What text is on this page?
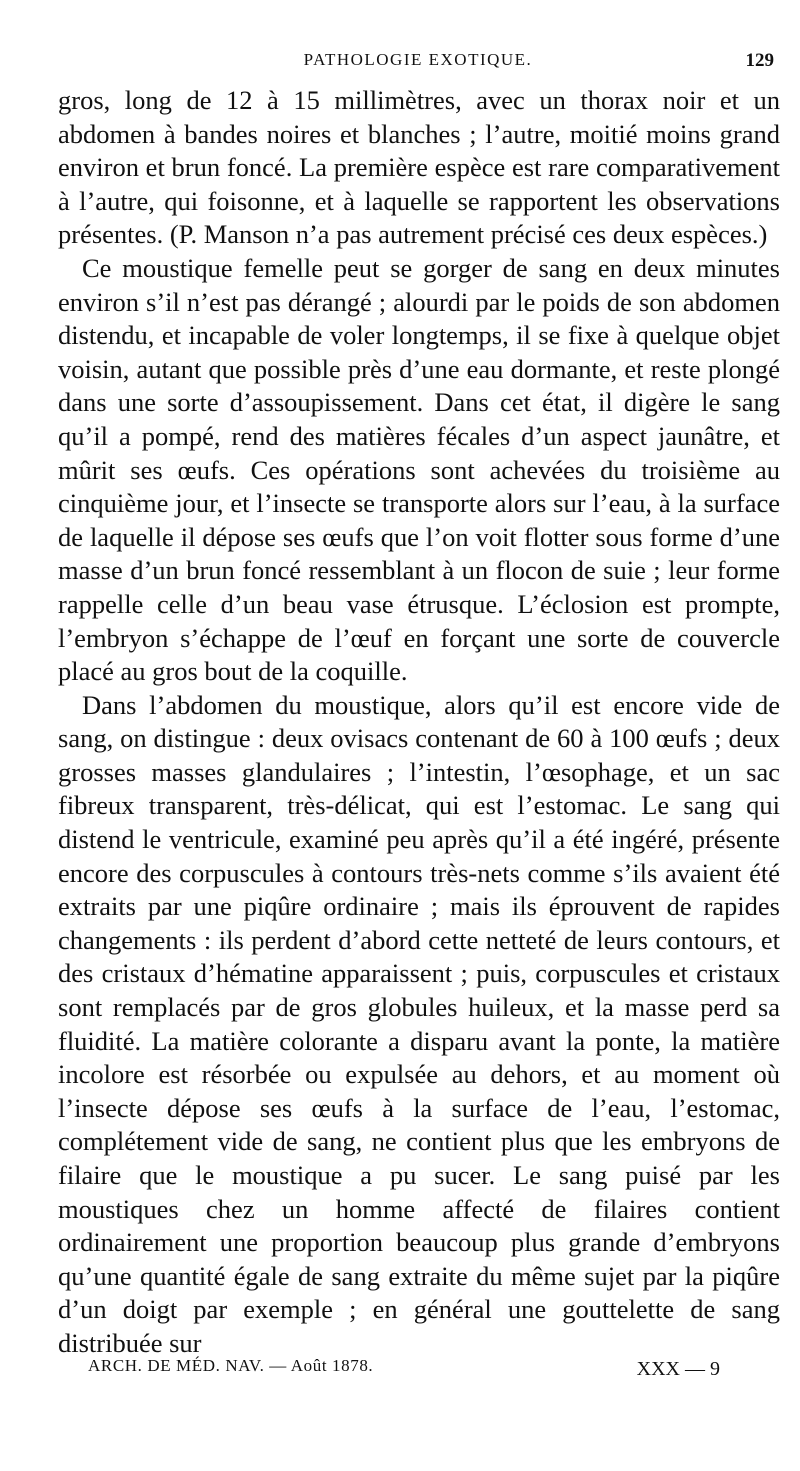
PATHOLOGIE EXOTIQUE.	129

gros, long de 12 à 15 millimètres, avec un thorax noir et un abdomen à bandes noires et blanches ; l’autre, moitié moins grand environ et brun foncé. La première espèce est rare comparativement à l’autre, qui foisonne, et à laquelle se rapportent les observations présentes. (P. Manson n’a pas autrement précisé ces deux espèces.)

Ce moustique femelle peut se gorger de sang en deux minutes environ s’il n’est pas dérangé ; alourdi par le poids de son abdomen distendu, et incapable de voler longtemps, il se fixe à quelque objet voisin, autant que possible près d’une eau dormante, et reste plongé dans une sorte d’assoupissement. Dans cet état, il digère le sang qu’il a pompé, rend des matières fécales d’un aspect jaunâtre, et mûrit ses œufs. Ces opérations sont achevées du troisième au cinquième jour, et l’insecte se transporte alors sur l’eau, à la surface de laquelle il dépose ses œufs que l’on voit flotter sous forme d’une masse d’un brun foncé ressemblant à un flocon de suie ; leur forme rappelle celle d’un beau vase étrusque. L’éclosion est prompte, l’embryon s’échappe de l’œuf en forçant une sorte de couvercle placé au gros bout de la coquille.

Dans l’abdomen du moustique, alors qu’il est encore vide de sang, on distingue : deux ovisacs contenant de 60 à 100 œufs ; deux grosses masses glandulaires ; l’intestin, l’œsophage, et un sac fibreux transparent, très-délicat, qui est l’estomac. Le sang qui distend le ventricule, examiné peu après qu’il a été ingéré, présente encore des corpuscules à contours très-nets comme s’ils avaient été extraits par une piqûre ordinaire ; mais ils éprouvent de rapides changements : ils perdent d’abord cette netteté de leurs contours, et des cristaux d’hématine apparaissent ; puis, corpuscules et cristaux sont remplacés par de gros globules huileux, et la masse perd sa fluidité. La matière colorante a disparu avant la ponte, la matière incolore est résorbée ou expulsée au dehors, et au moment où l’insecte dépose ses œufs à la surface de l’eau, l’estomac, complétement vide de sang, ne contient plus que les embryons de filaire que le moustique a pu sucer. Le sang puisé par les moustiques chez un homme affecté de filaires contient ordinairement une proportion beaucoup plus grande d’embryons qu’une quantité égale de sang extraite du même sujet par la piqûre d’un doigt par exemple ; en général une gouttelette de sang distribuée sur

ARCH. DE MÉD. NAV. — Août 1878.	XXX — 9
